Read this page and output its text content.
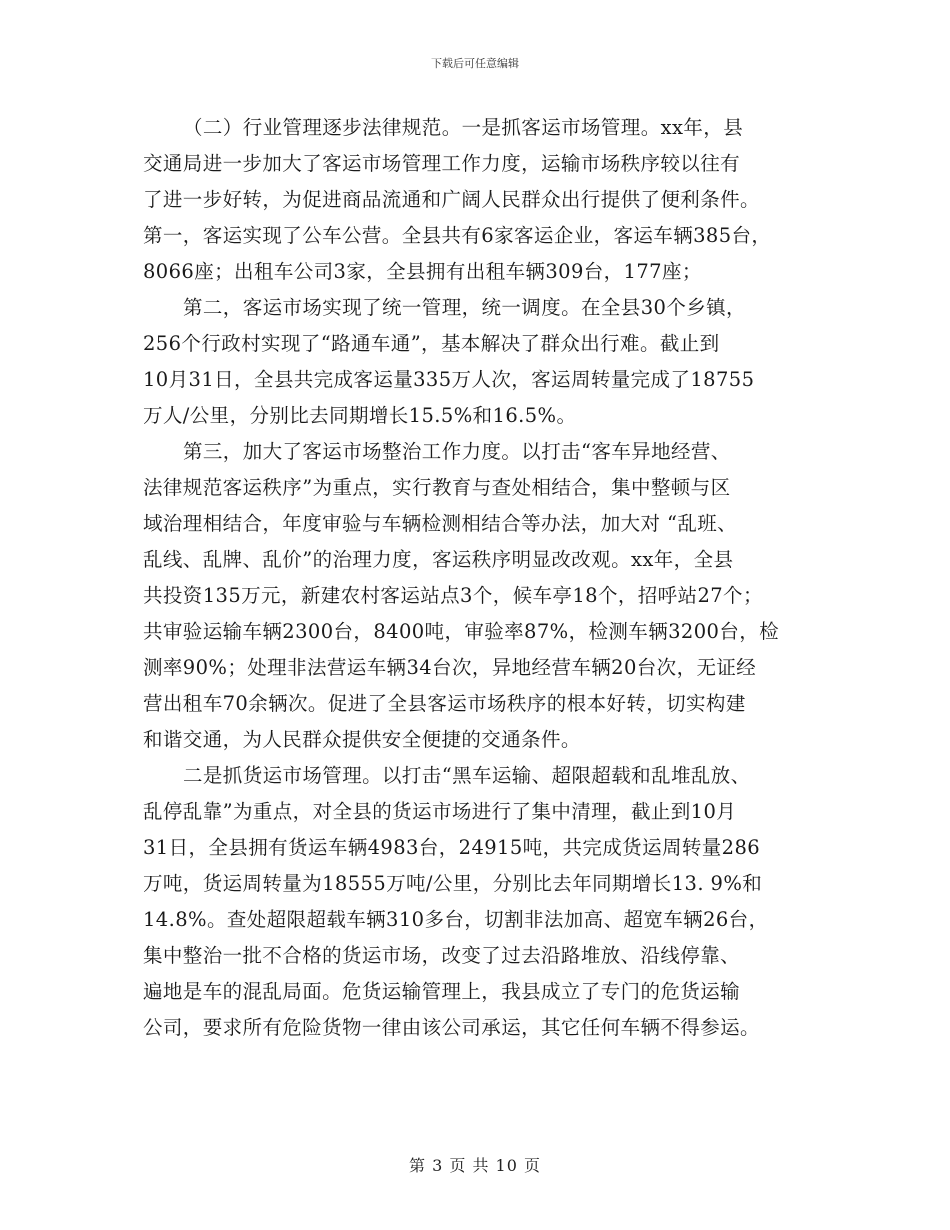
下载后可任意编辑
（二）行业管理逐步法律规范。一是抓客运市场管理。xx年，县
交通局进一步加大了客运市场管理工作力度，运输市场秩序较以往有
了进一步好转，为促进商品流通和广阔人民群众出行提供了便利条件。
第一，客运实现了公车公营。全县共有6家客运企业，客运车辆385台，
8066座；出租车公司3家，全县拥有出租车辆309台，177座；
第二，客运市场实现了统一管理，统一调度。在全县30个乡镇，
256个行政村实现了“路通车通”，基本解决了群众出行难。截止到
10月31日，全县共完成客运量335万人次，客运周转量完成了18755
万人/公里，分别比去同期增长15.5%和16.5%。
第三，加大了客运市场整治工作力度。以打击“客车异地经营、
法律规范客运秩序”为重点，实行教育与查处相结合，集中整顿与区
域治理相结合，年度审验与车辆检测相结合等办法，加大对 “乱班、
乱线、乱牌、乱价”的治理力度，客运秩序明显改改观。xx年，全县
共投资135万元，新建农村客运站点3个，候车亭18个，招呼站27个；
共审验运输车辆2300台，8400吨，审验率87%，检测车辆3200台，检
测率90%；处理非法营运车辆34台次，异地经营车辆20台次，无证经
营出租车70余辆次。促进了全县客运市场秩序的根本好转，切实构建
和谐交通，为人民群众提供安全便捷的交通条件。
二是抓货运市场管理。以打击“黑车运输、超限超载和乱堆乱放、
乱停乱靠”为重点，对全县的货运市场进行了集中清理，截止到10月
31日，全县拥有货运车辆4983台，24915吨，共完成货运周转量286
万吨，货运周转量为18555万吨/公里，分别比去年同期增长13. 9%和
14.8%。查处超限超载车辆310多台，切割非法加高、超宽车辆26台，
集中整治一批不合格的货运市场，改变了过去沿路堆放、沿线停靠、
遍地是车的混乱局面。危货运输管理上，我县成立了专门的危货运输
公司，要求所有危险货物一律由该公司承运，其它任何车辆不得参运。
第 3 页 共 10 页
